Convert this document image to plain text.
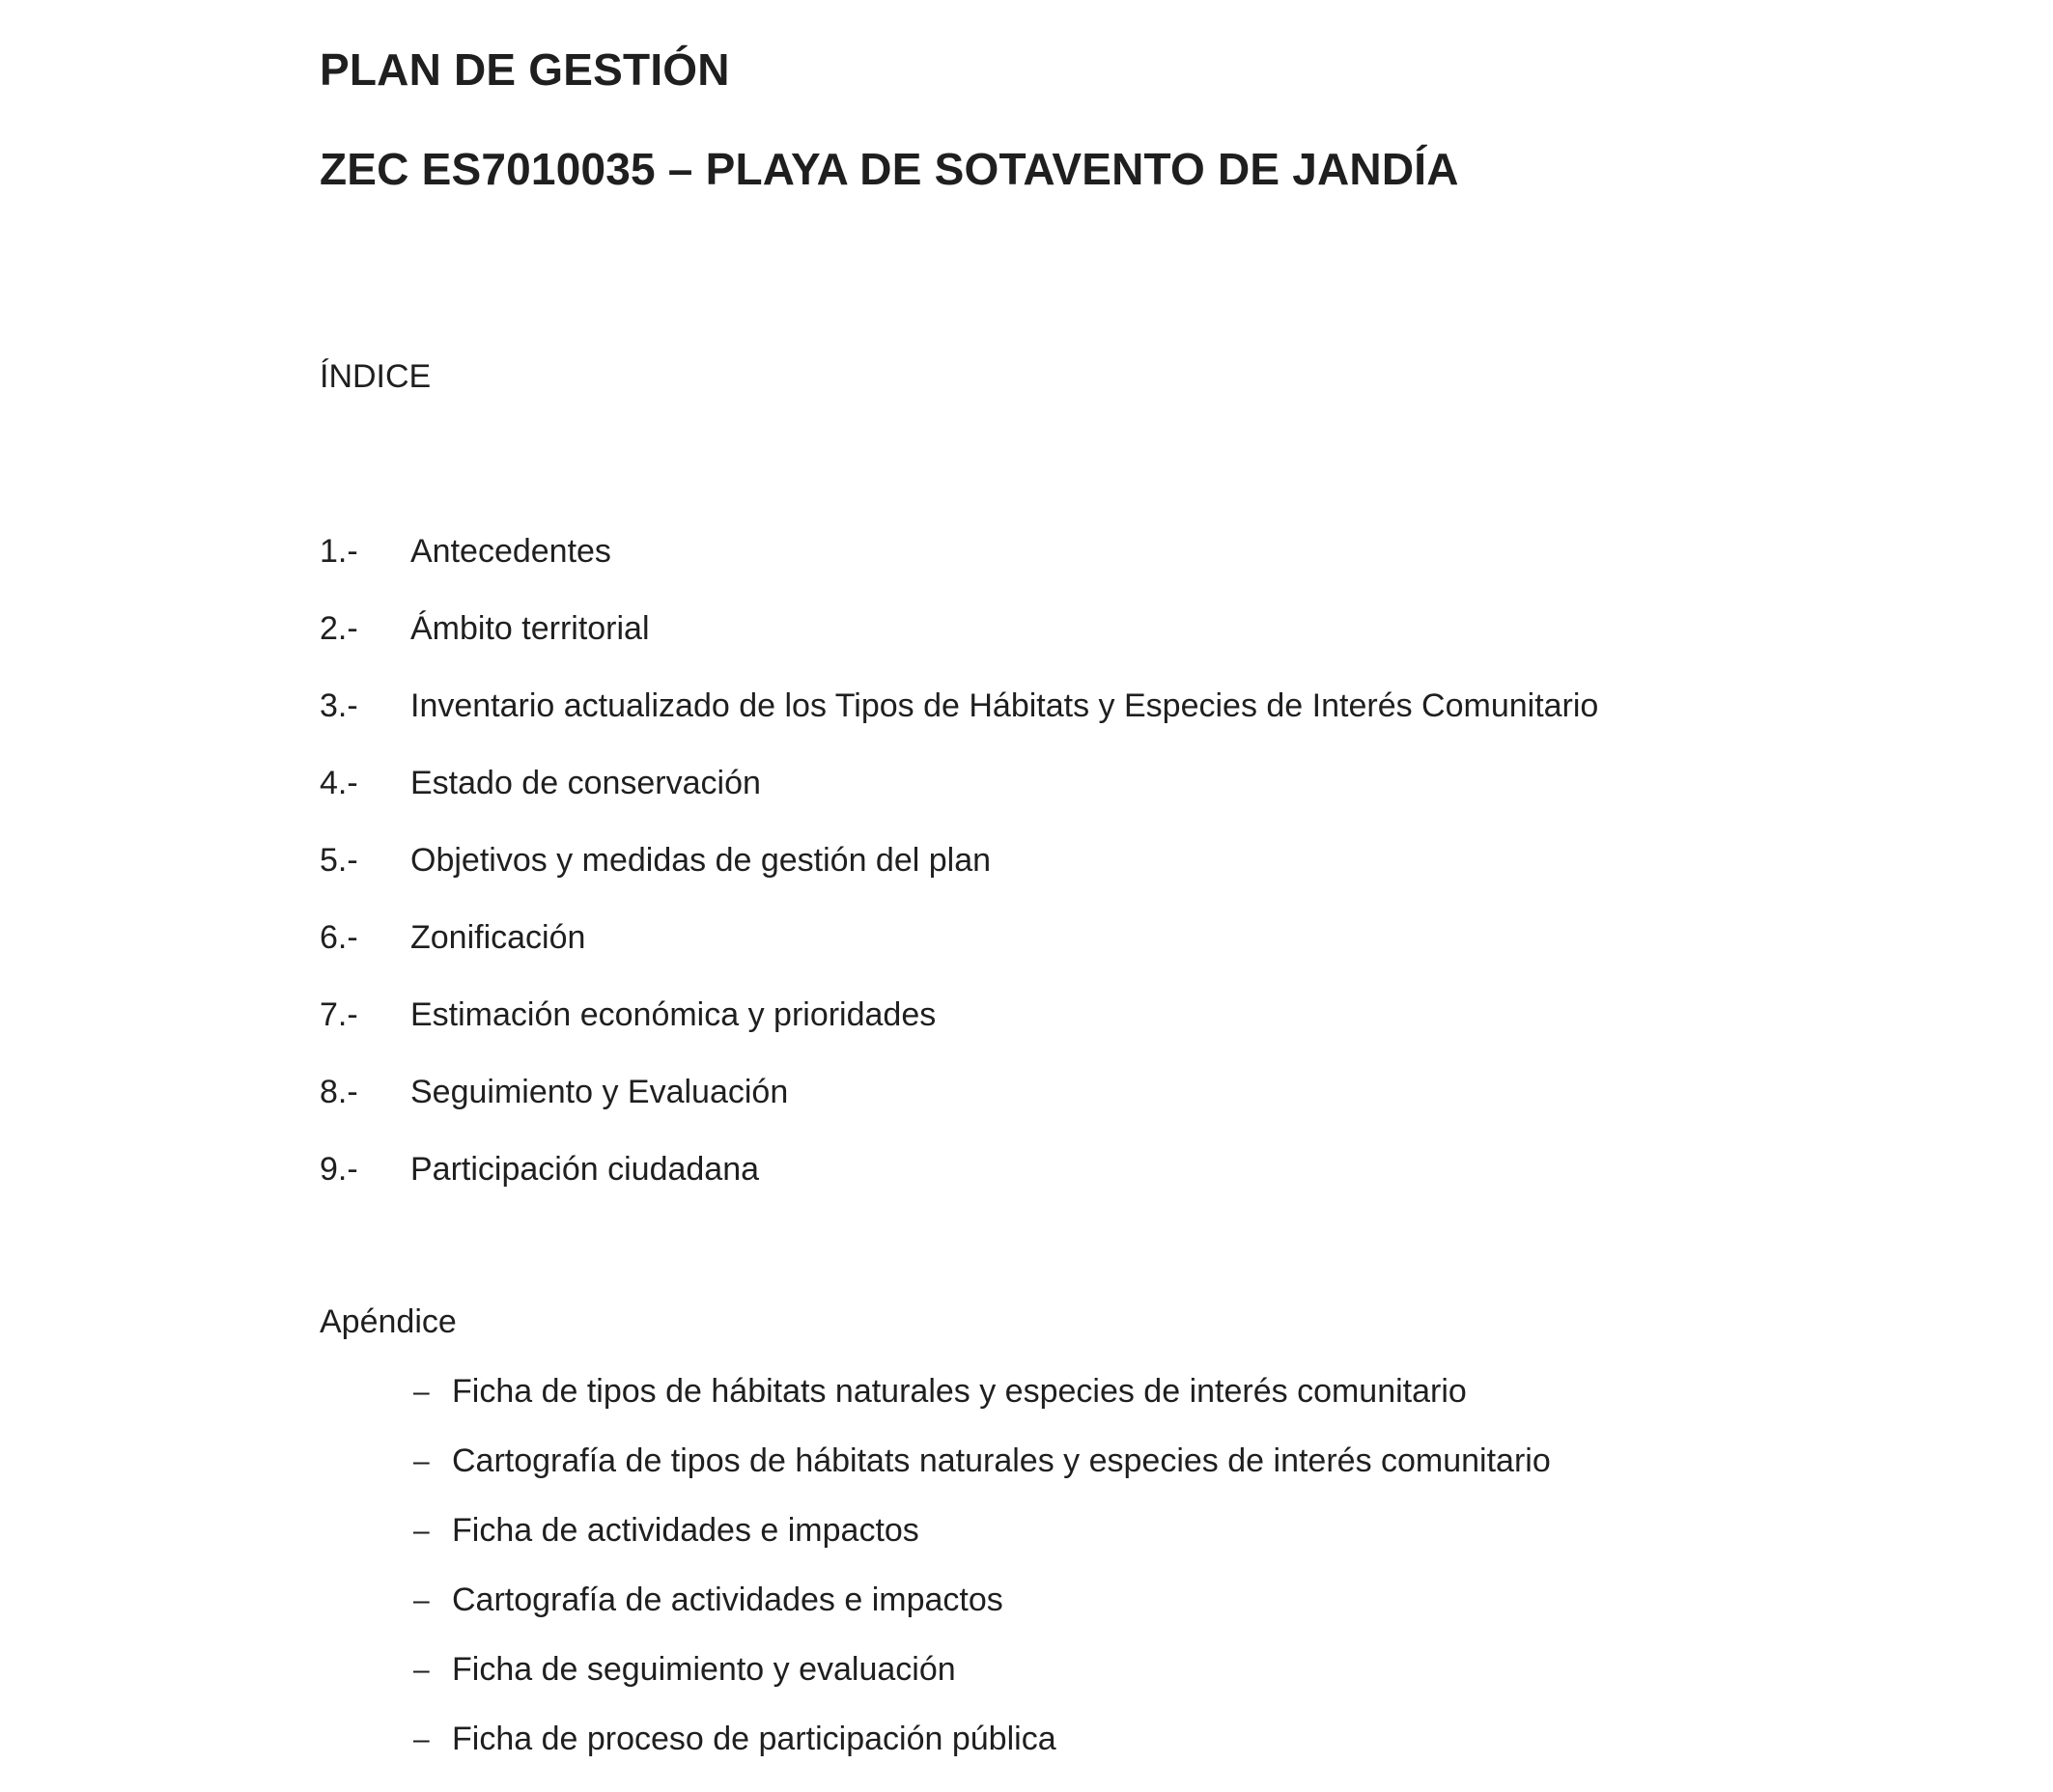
PLAN DE GESTIÓN
ZEC ES7010035 – PLAYA DE SOTAVENTO DE JANDÍA
ÍNDICE
1.-	Antecedentes
2.-	Ámbito territorial
3.-	Inventario actualizado de los Tipos de Hábitats y Especies de Interés Comunitario
4.-	Estado de conservación
5.-	Objetivos y medidas de gestión del plan
6.-	Zonificación
7.-	Estimación económica y prioridades
8.-	Seguimiento y Evaluación
9.-	Participación ciudadana
Apéndice
– Ficha de tipos de hábitats naturales y especies de interés comunitario
– Cartografía de tipos de hábitats naturales y especies de interés comunitario
– Ficha de actividades e impactos
– Cartografía de actividades e impactos
– Ficha de seguimiento y evaluación
– Ficha de proceso de participación pública
